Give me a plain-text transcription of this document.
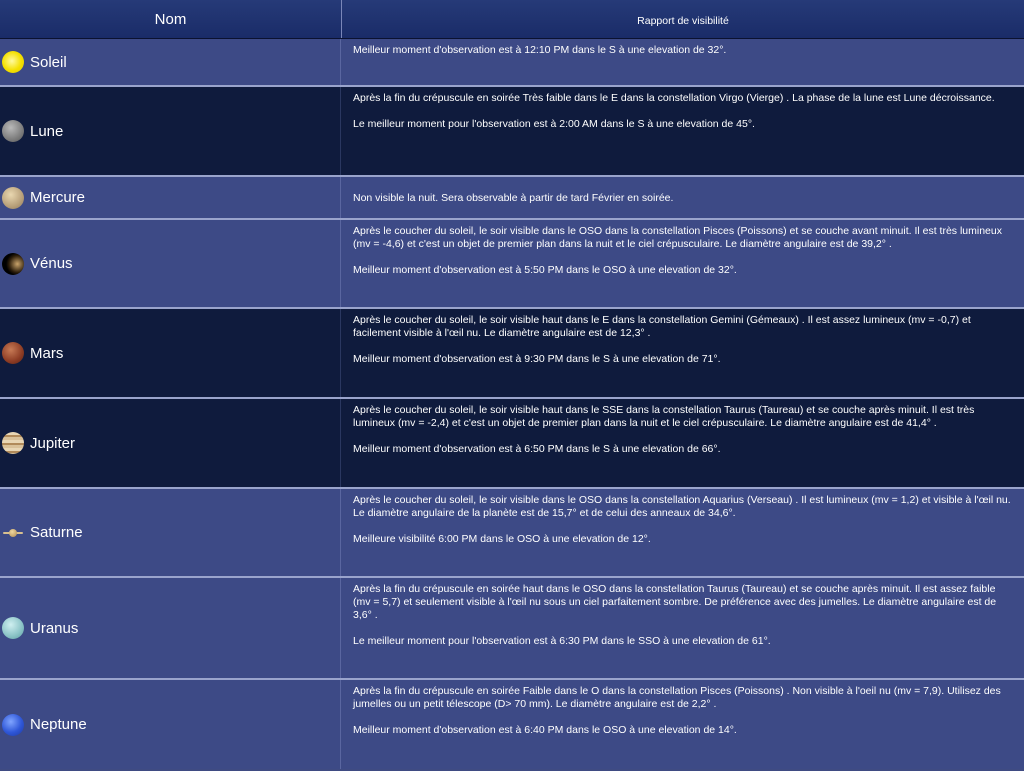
Nom	Rapport de visibilité
Soleil

Meilleur moment d'observation est à 12:10 PM dans le S à une elevation de 32°.

Lune

Après la fin du crépuscule en soirée Très faible dans le E dans la constellation Virgo (Vierge) . La phase de la lune est Lune décroissance.

Le meilleur moment pour l'observation est à 2:00 AM dans le S à une elevation de 45°.

Mercure	Non visible la nuit. Sera observable à partir de tard Février en soirée.

Vénus

Après le coucher du soleil, le soir visible dans le OSO dans la constellation Pisces (Poissons) et se couche avant minuit. Il est très lumineux (mv = -4,6) et c'est un objet de premier plan dans la nuit et le ciel crépusculaire. Le diamètre angulaire est de 39,2° .

Meilleur moment d'observation est à 5:50 PM dans le OSO à une elevation de 32°.

Mars

Après le coucher du soleil, le soir visible haut dans le E dans la constellation Gemini (Gémeaux) . Il est assez lumineux (mv = -0,7) et facilement visible à l'œil nu. Le diamètre angulaire est de 12,3° .

Meilleur moment d'observation est à 9:30 PM dans le S à une elevation de 71°.

Jupiter

Après le coucher du soleil, le soir visible haut dans le SSE dans la constellation Taurus (Taureau) et se couche après minuit. Il est très lumineux (mv = -2,4) et c'est un objet de premier plan dans la nuit et le ciel crépusculaire. Le diamètre angulaire est de 41,4° .

Meilleur moment d'observation est à 6:50 PM dans le S à une elevation de 66°.

Saturne

Après le coucher du soleil, le soir visible dans le OSO dans la constellation Aquarius (Verseau) . Il est lumineux (mv = 1,2) et visible à l'œil nu. Le diamètre angulaire de la planète est de 15,7° et de celui des anneaux de 34,6°.

Meilleure visibilité 6:00 PM dans le OSO à une elevation de 12°.

Uranus

Après la fin du crépuscule en soirée haut dans le OSO dans la constellation Taurus (Taureau) et se couche après minuit. Il est assez faible (mv = 5,7) et seulement visible à l'œil nu sous un ciel parfaitement sombre. De préférence avec des jumelles. Le diamètre angulaire est de 3,6° .

Le meilleur moment pour l'observation est à 6:30 PM dans le SSO à une elevation de 61°.

Neptune

Après la fin du crépuscule en soirée Faible dans le O dans la constellation Pisces (Poissons) . Non visible à l'oeil nu (mv = 7,9). Utilisez des jumelles ou un petit télescope (D> 70 mm). Le diamètre angulaire est de 2,2° .

Meilleur moment d'observation est à 6:40 PM dans le OSO à une elevation de 14°.
